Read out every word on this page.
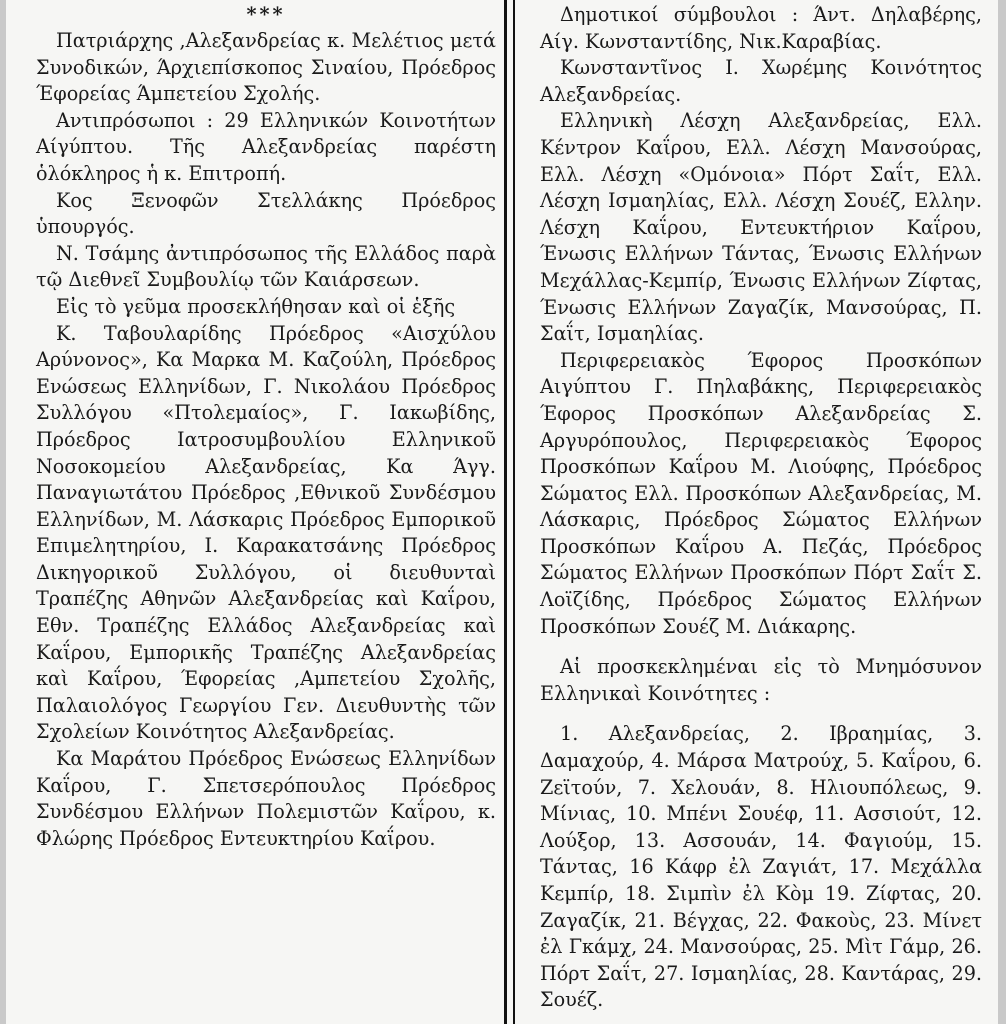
***

Πατριάρχης ,Αλεξανδρείας κ. Μελέτιος μετά Συνοδικών, Άρχιεπίσκοπος Σιναίου, Πρόεδρος Έφορείας Άμπετείου Σχολής.

Αντιπρόσωποι : 29 Ελληνικών Κοινοτήτων Αίγύπτου. Τῆς Αλεξανδρείας παρέστη ὁλόκληρος ἡ κ. Επιτροπή.

Κος Ξενοφῶν Στελλάκης Πρόεδρος ὑπουργός.

Ν. Τσάμης ἀντιπρόσωπος τῆς Ελλάδος παρὰ τῷ Διεθνεῖ Συμβουλίῳ τῶν Καιάρσεων.

Εἰς τὸ γεῦμα προσεκλήθησαν καὶ οἱ ἑξῆς

Κ. Ταβουλαρίδης Πρόεδρος «Αισχύλου Αρύνονος», Κα Μαρκα Μ. Καζούλη, Πρόεδρος Ενώσεως Ελληνίδων, Γ. Νικολάου Πρόεδρος Συλλόγου «Πτολεμαίος», Γ. Ιακωβίδης, Πρόεδρος Ιατροσυμβουλίου Ελληνικοῦ Νοσοκομείου Αλεξανδρείας, Κα Άγγ. Παναγιωτάτου Πρόεδρος ,Εθνικοῦ Συνδέσμου Ελληνίδων, Μ. Λάσκαρις Πρόεδρος Εμπορικοῦ Επιμελητηρίου, Ι. Καρακατσάνης Πρόεδρος Δικηγορικοῦ Συλλόγου, οἱ διευθυνταὶ Τραπέζης Αθηνῶν Αλεξανδρείας καὶ Καΐρου, Εθν. Τραπέζης Ελλάδος Αλεξανδρείας καὶ Καΐρου, Εμπορικῆς Τραπέζης Αλεξανδρείας καὶ Καΐρου, Έφορείας ,Αμπετείου Σχολῆς, Παλαιολόγος Γεωργίου Γεν. Διευθυντὴς τῶν Σχολείων Κοινότητος Αλεξανδρείας.

Κα Μαράτου Πρόεδρος Ενώσεως Ελληνίδων Καΐρου, Γ. Σπετσερόπουλος Πρόεδρος Συνδέσμου Ελλήνων Πολεμιστῶν Καΐρου, κ. Φλώρης Πρόεδρος Εντευκτηρίου Καΐρου.

Δημοτικοί σύμβουλοι : Άντ. Δηλαβέρης, Αίγ. Κωνσταντίδης, Νικ.Καραβίας.

Κωνσταντῖνος Ι. Χωρέμης Κοινότητος Αλεξανδρείας.

Ελληνικὴ Λέσχη Αλεξανδρείας, Ελλ. Κέντρον Καΐρου, Ελλ. Λέσχη Μανσούρας, Ελλ. Λέσχη «Ομόνοια» Πόρτ Σαΐτ, Ελλ. Λέσχη Ισμαηλίας, Ελλ. Λέσχη Σουέζ, Ελλην. Λέσχη Καΐρου, Εντευκτήριον Καΐρου, Ένωσις Ελλήνων Τάντας, Ένωσις Ελλήνων Μεχάλλας-Κεμπίρ, Ένωσις Ελλήνων Ζίφτας, Ένωσις Ελλήνων Ζαγαζίκ, Μανσούρας, Π. Σαΐτ, Ισμαηλίας.

Περιφερειακὸς Έφορος Προσκόπων Αιγύπτου Γ. Πηλαβάκης, Περιφερειακὸς Έφορος Προσκόπων Αλεξανδρείας Σ. Αργυρόπουλος, Περιφερειακὸς Έφορος Προσκόπων Καΐρου Μ. Λιούφης, Πρόεδρος Σώματος Ελλ. Προσκόπων Αλεξανδρείας, Μ. Λάσκαρις, Πρόεδρος Σώματος Ελλήνων Προσκόπων Καΐρου Α. Πεζάς, Πρόεδρος Σώματος Ελλήνων Προσκόπων Πόρτ Σαΐτ Σ. Λοϊζίδης, Πρόεδρος Σώματος Ελλήνων Προσκόπων Σουέζ Μ. Διάκαρης.

Αἱ προσκεκλημέναι εἰς τὸ Μνημόσυνον Ελληνικαὶ Κοινότητες :

1. Αλεξανδρείας, 2. Ιβραημίας, 3. Δαμαχούρ, 4. Μάρσα Ματρούχ, 5. Καΐρου, 6. Ζεϊτούν, 7. Χελουάν, 8. Ηλιουπόλεως, 9. Μίνιας, 10. Μπένι Σουέφ, 11. Ασσιούτ, 12. Λούξορ, 13. Ασσουάν, 14. Φαγιούμ, 15. Τάντας, 16 Κάφρ ἐλ Ζαγιάτ, 17. Μεχάλλα Κεμπίρ, 18. Σιμπὶν ἐλ Κὸμ 19. Ζίφτας, 20. Ζαγαζίκ, 21. Βέγχας, 22. Φακοὺς, 23. Μίνετ ἐλ Γκάμχ, 24. Μανσούρας, 25. Μὶτ Γάμρ, 26. Πόρτ Σαΐτ, 27. Ισμαηλίας, 28. Καντάρας, 29. Σουέζ.
